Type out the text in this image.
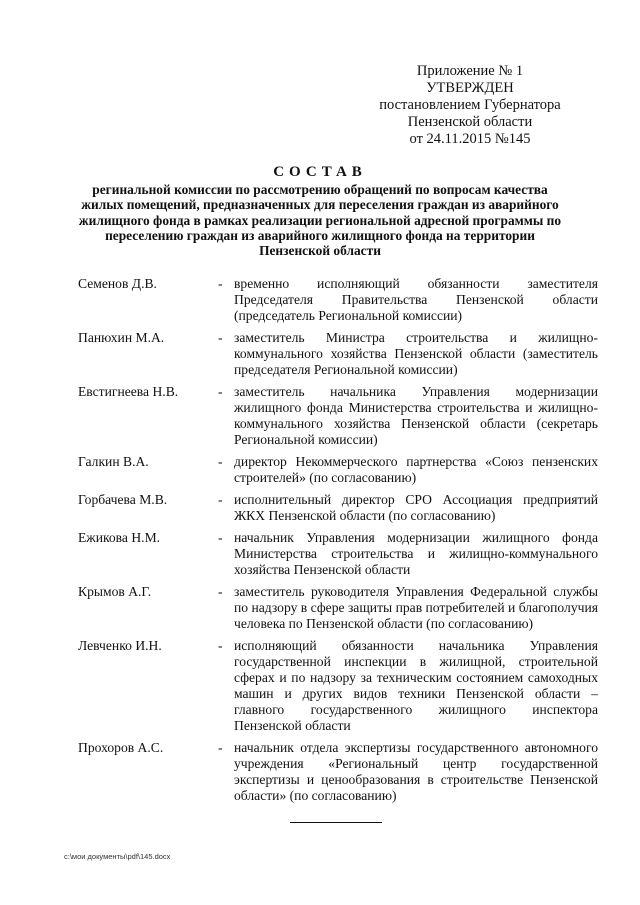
Приложение № 1
УТВЕРЖДЕН
постановлением Губернатора
Пензенской области
от 24.11.2015 №145
СОСТАВ
регинальной комиссии по рассмотрению обращений по вопросам качества жилых помещений, предназначенных для переселения граждан из аварийного жилищного фонда в рамках реализации региональной адресной программы по переселению граждан из аварийного жилищного фонда на территории Пензенской области
Семенов Д.В.	- временно исполняющий обязанности заместителя Председателя Правительства Пензенской области (председатель Региональной комиссии)
Панюхин М.А.	- заместитель Министра строительства и жилищно-коммунального хозяйства Пензенской области (заместитель председателя Региональной комиссии)
Евстигнеева Н.В.	- заместитель начальника Управления модернизации жилищного фонда Министерства строительства и жилищно-коммунального хозяйства Пензенской области (секретарь Региональной комиссии)
Галкин В.А.	- директор Некоммерческого партнерства «Союз пензенских строителей» (по согласованию)
Горбачева М.В.	- исполнительный директор СРО Ассоциация предприятий ЖКХ Пензенской области (по согласованию)
Ежикова Н.М.	- начальник Управления модернизации жилищного фонда Министерства строительства и жилищно-коммунального хозяйства Пензенской области
Крымов А.Г.	- заместитель руководителя Управления Федеральной службы по надзору в сфере защиты прав потребителей и благополучия человека по Пензенской области (по согласованию)
Левченко И.Н.	- исполняющий обязанности начальника Управления государственной инспекции в жилищной, строительной сферах и по надзору за техническим состоянием самоходных машин и других видов техники Пензенской области – главного государственного жилищного инспектора Пензенской области
Прохоров А.С.	- начальник отдела экспертизы государственного автономного учреждения «Региональный центр государственной экспертизы и ценообразования в строительстве Пензенской области» (по согласованию)
c:\мои документы\pdf\145.docx
